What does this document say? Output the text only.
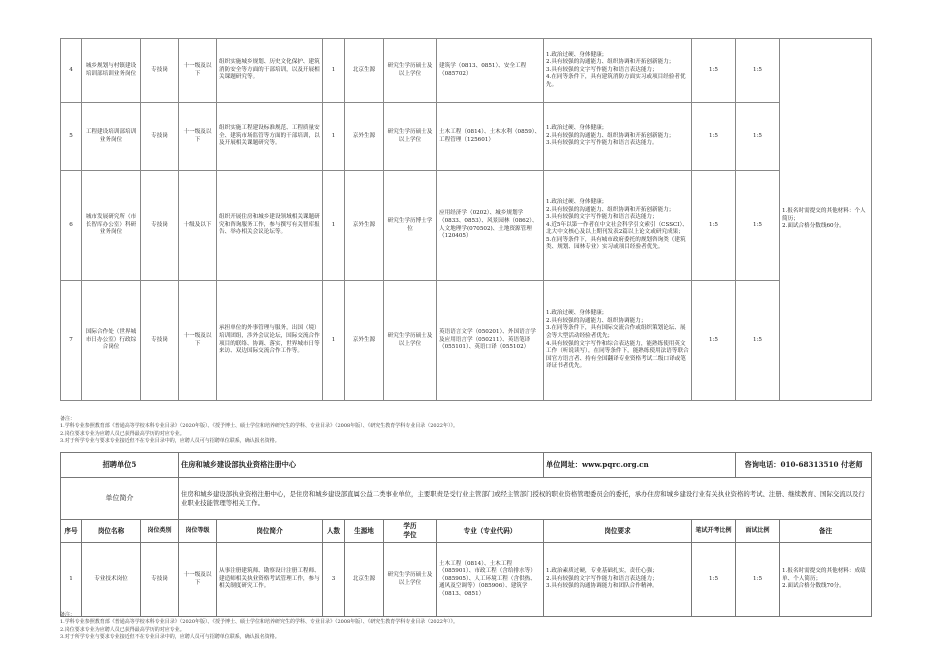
4	城乡规划与村镇建设培训部培训业务岗位	专技岗	十一级及以下	组织实施城乡规划、历史文化保护、建筑消防安全等方面的干部培训，以及开展相关课题研究等。	1	北京生源	研究生学历硕士及以上学位	建筑学（0813、0851）、安全工程（085702）	1.政治过硬、身体健康；
2.具有较强的沟通能力、组织协调和开拓创新能力；
3.具有较强的文字写作能力和语言表达能力；
4.在同等条件下，具有建筑消防方面实习或项目经验者优先。	1:5	1:5	1.报名时需提交的其他材料：个人简历；
2.面试合格分数线60分。
5	工程建设培训部培训业务岗位	专技岗	十一级及以下	组织实施工程建设标准规范、工程质量安全、建筑市场监管等方面的干部培训，以及开展相关课题研究等。	1	京外生源	研究生学历硕士及以上学位	土木工程（0814）、土木水利（0859）、工程管理（125601）	1.政治过硬、身体健康；
2.具有较强的沟通能力、组织协调和开拓创新能力；
3.具有较强的文字写作能力和语言表达能力。	1:5	1:5	
6	城市发展研究所（市长智库办公室）科研业务岗位	专技岗	十级及以下	组织开展住房和城乡建设领域相关课题研究和咨询服务工作，参与撰写有关智库报告、举办相关会议论坛等。	1	京外生源	研究生学历博士学位	应用经济学（0202）、城乡规划学（0833、0853）、风景园林（0862）、人文地理学(070502)、土地资源管理（120405）	1.政治过硬、身体健康；
2.具有较强的沟通能力、组织协调和开拓创新能力；
3.具有较强的文字写作能力和语言表达能力；
4.近5年以第一作者在中文社会科学引文索引（CSSCI）、北大中文核心及以上期刊发表2篇以上论文或研究成果；
5.在同等条件下，具有城市政府委托的规划咨询类（建筑类、规划、园林专业）实习或项目经验者优先。	1:5	1:5	
7	国际合作处（世界城市日办公室）行政综合岗位	专技岗	十一级及以下	承担单位的外事管理与服务，出国（境）培训团组，涉外会议论坛，国际交流合作项目的联络、协调、落实，世界城市日等来访、双边国际交流合作工作等。	1	京外生源	研究生学历硕士及以上学位	英语语言文学（050201）、外国语言学及应用语言学（050211）、英语笔译（055101）、英语口译（055102）	1.政治过硬、身体健康；
2.具有较强的沟通能力、组织协调能力；
3.在同等条件下，具有国际交流合作或组织策划论坛、展会等大型活动经验者优先；
4.具有较强的文字写作和综合表达能力，能熟练使用英文工作（听说读写），在同等条件下，能熟练使用法语等联合国官方语言者、持有全国翻译专业资格考试二级口译或笔译证书者优先。	1:5	1:5	
备注：
1.学科专业参照教育部《普通高等学校本科专业目录》（2020年版）、《授予博士、硕士学位和培养研究生的学科、专业目录》（2008年版）、《研究生教育学科专业目录（2022年）》。
2.岗位要求专业为应聘人员已获得最高学历的对应专业。
3.对于所学专业与要求专业接近但不在专业目录中的，应聘人员可与招聘单位联系，确认报名资格。
招聘单位5			住房和城乡建设部执业资格注册中心						单位网址：www.pqrc.org.cn		咨询电话：010-68313510 付老师	
单位简介			住房和城乡建设部执业资格注册中心，是住房和城乡建设部直属公益二类事业单位，主要职责是受行业主管部门或经主管部门授权的职业资格管理委员会的委托，承办住房和城乡建设行业有关执业资格的考试、注册、继续教育、国际交流以及行业职业技能管理等相关工作。									
序号	岗位名称	岗位类别	岗位等级	岗位简介	人数	生源地	学历
学位	专业（专业代码）	岗位要求	笔试开考比例	面试比例	备注
1	专业技术岗位	专技岗	十一级及以下	从事注册建筑师、勘察设计注册工程师、建造师相关执业资格考试管理工作，参与相关制度研究工作。	3	北京生源	研究生学历硕士及以上学位	土木工程（0814）、土木工程（085901）、市政工程（含给排水等）（085905）、人工环境工程（含供热、通风及空调等）（085906）、建筑学（0813、0851）	1.政治素质过硬，专业基础扎实，责任心强；
2.具有较强的文字写作能力和语言表达能力；
3.具有较强的沟通协调能力和团队合作精神。	1:5	1:5	1.报名时需提交的其他材料：成绩单、个人简历；
2.面试合格分数线70分。
备注：
1.学科专业参照教育部《普通高等学校本科专业目录》（2020年版）、《授予博士、硕士学位和培养研究生的学科、专业目录》（2008年版）、《研究生教育学科专业目录（2022年）》。
2.岗位要求专业为应聘人员已获得最高学历的对应专业。
3.对于所学专业与要求专业接近但不在专业目录中的，应聘人员可与招聘单位联系，确认报名资格。
